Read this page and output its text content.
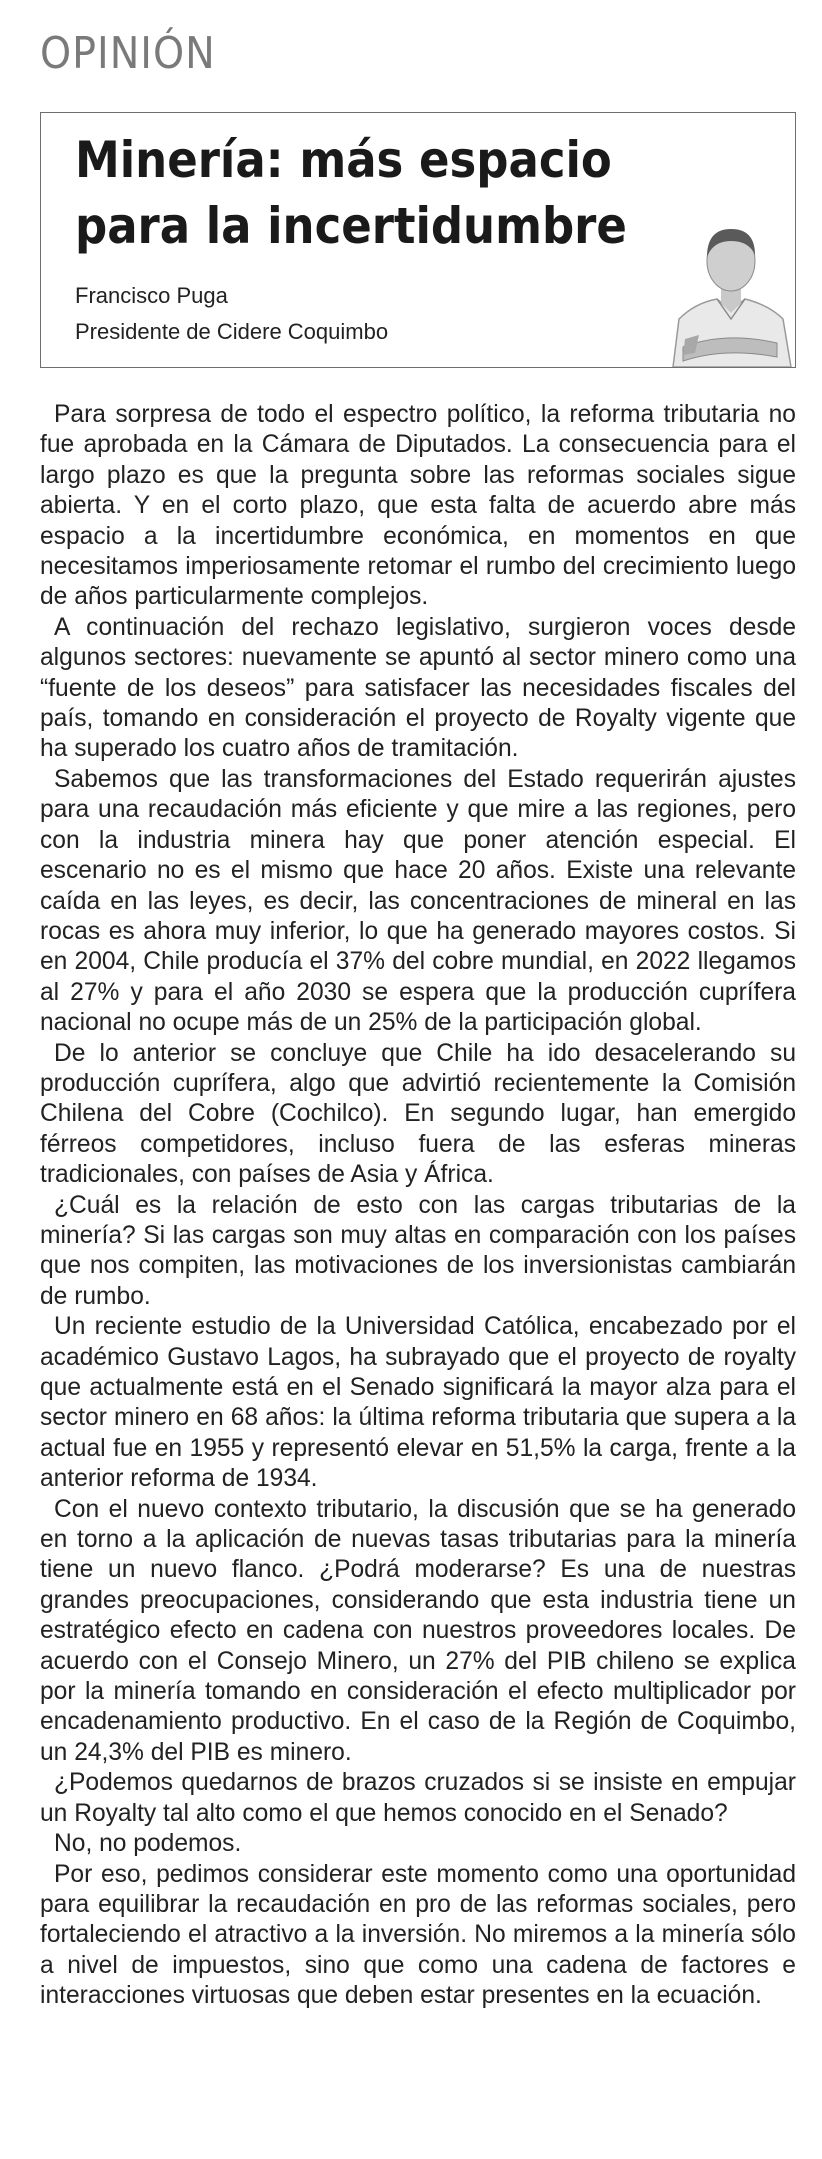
OPINIÓN
Minería: más espacio para la incertidumbre
Francisco Puga
Presidente de Cidere Coquimbo

Para sorpresa de todo el espectro político, la reforma tributaria no fue aprobada en la Cámara de Diputados. La consecuencia para el largo plazo es que la pregunta sobre las reformas sociales sigue abierta. Y en el corto plazo, que esta falta de acuerdo abre más espacio a la incertidumbre económica, en momentos en que necesitamos imperiosamente retomar el rumbo del crecimiento luego de años particularmente complejos.

A continuación del rechazo legislativo, surgieron voces desde algunos sectores: nuevamente se apuntó al sector minero como una “fuente de los deseos” para satisfacer las necesidades fiscales del país, tomando en consideración el proyecto de Royalty vigente que ha superado los cuatro años de tramitación.

Sabemos que las transformaciones del Estado requerirán ajustes para una recaudación más eficiente y que mire a las regiones, pero con la industria minera hay que poner atención especial. El escenario no es el mismo que hace 20 años. Existe una relevante caída en las leyes, es decir, las concentraciones de mineral en las rocas es ahora muy inferior, lo que ha generado mayores costos. Si en 2004, Chile producía el 37% del cobre mundial, en 2022 llegamos al 27% y para el año 2030 se espera que la producción cuprífera nacional no ocupe más de un 25% de la participación global.

De lo anterior se concluye que Chile ha ido desacelerando su producción cuprífera, algo que advirtió recientemente la Comisión Chilena del Cobre (Cochilco). En segundo lugar, han emergido férreos competidores, incluso fuera de las esferas mineras tradicionales, con países de Asia y África.

¿Cuál es la relación de esto con las cargas tributarias de la minería? Si las cargas son muy altas en comparación con los países que nos compiten, las motivaciones de los inversionistas cambiarán de rumbo.

Un reciente estudio de la Universidad Católica, encabezado por el académico Gustavo Lagos, ha subrayado que el proyecto de royalty que actualmente está en el Senado significará la mayor alza para el sector minero en 68 años: la última reforma tributaria que supera a la actual fue en 1955 y representó elevar en 51,5% la carga, frente a la anterior reforma de 1934.

Con el nuevo contexto tributario, la discusión que se ha generado en torno a la aplicación de nuevas tasas tributarias para la minería tiene un nuevo flanco. ¿Podrá moderarse? Es una de nuestras grandes preocupaciones, considerando que esta industria tiene un estratégico efecto en cadena con nuestros proveedores locales. De acuerdo con el Consejo Minero, un 27% del PIB chileno se explica por la minería tomando en consideración el efecto multiplicador por encadenamiento productivo. En el caso de la Región de Coquimbo, un 24,3% del PIB es minero.

¿Podemos quedarnos de brazos cruzados si se insiste en empujar un Royalty tal alto como el que hemos conocido en el Senado?

No, no podemos.

Por eso, pedimos considerar este momento como una oportunidad para equilibrar la recaudación en pro de las reformas sociales, pero fortaleciendo el atractivo a la inversión. No miremos a la minería sólo a nivel de impuestos, sino que como una cadena de factores e interacciones virtuosas que deben estar presentes en la ecuación.
